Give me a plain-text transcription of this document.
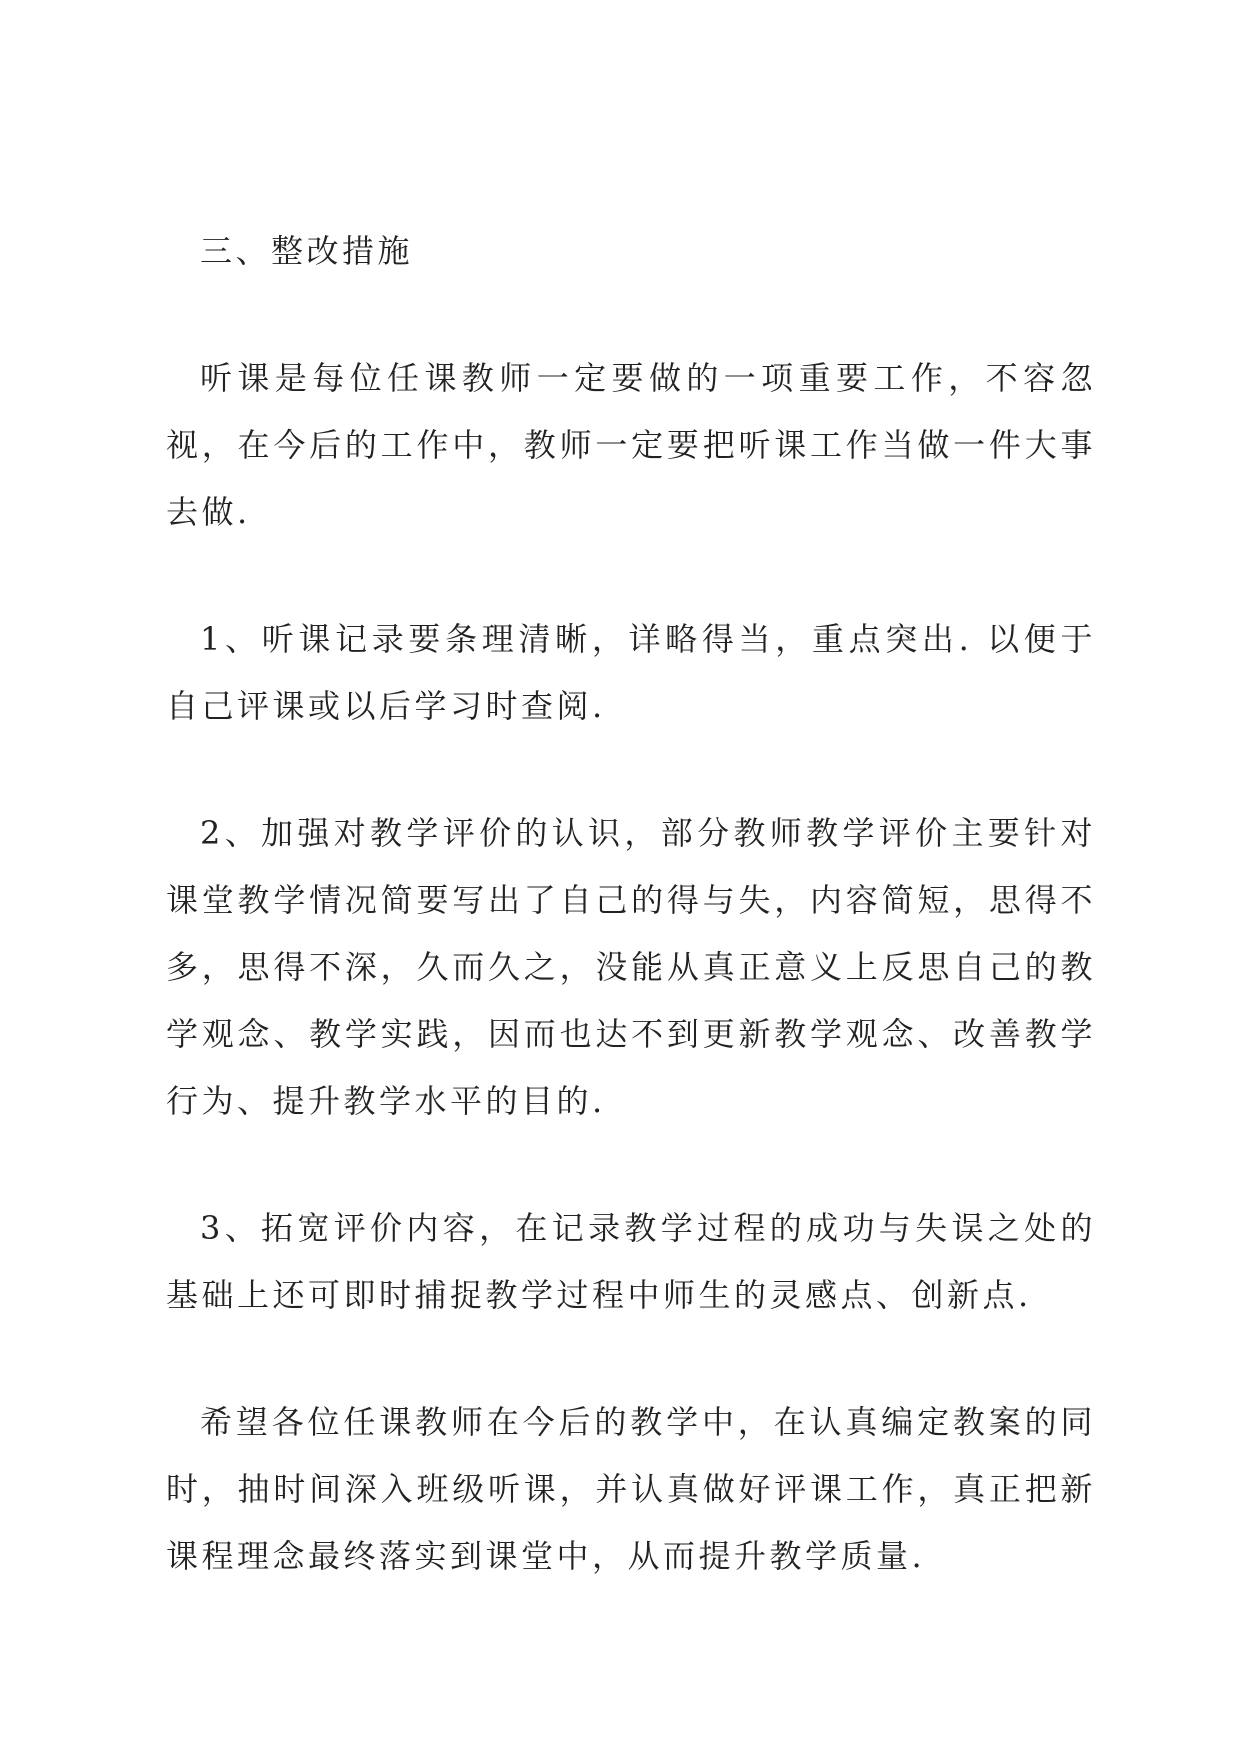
三、整改措施

听课是每位任课教师一定要做的一项重要工作，不容忽视，在今后的工作中，教师一定要把听课工作当做一件大事去做.

1、听课记录要条理清晰，详略得当，重点突出. 以便于自己评课或以后学习时查阅.

2、加强对教学评价的认识，部分教师教学评价主要针对课堂教学情况简要写出了自己的得与失，内容简短，思得不多，思得不深，久而久之，没能从真正意义上反思自己的教学观念、教学实践，因而也达不到更新教学观念、改善教学行为、提升教学水平的目的.

3、拓宽评价内容，在记录教学过程的成功与失误之处的基础上还可即时捕捉教学过程中师生的灵感点、创新点.

希望各位任课教师在今后的教学中，在认真编定教案的同时，抽时间深入班级听课，并认真做好评课工作，真正把新课程理念最终落实到课堂中，从而提升教学质量.
